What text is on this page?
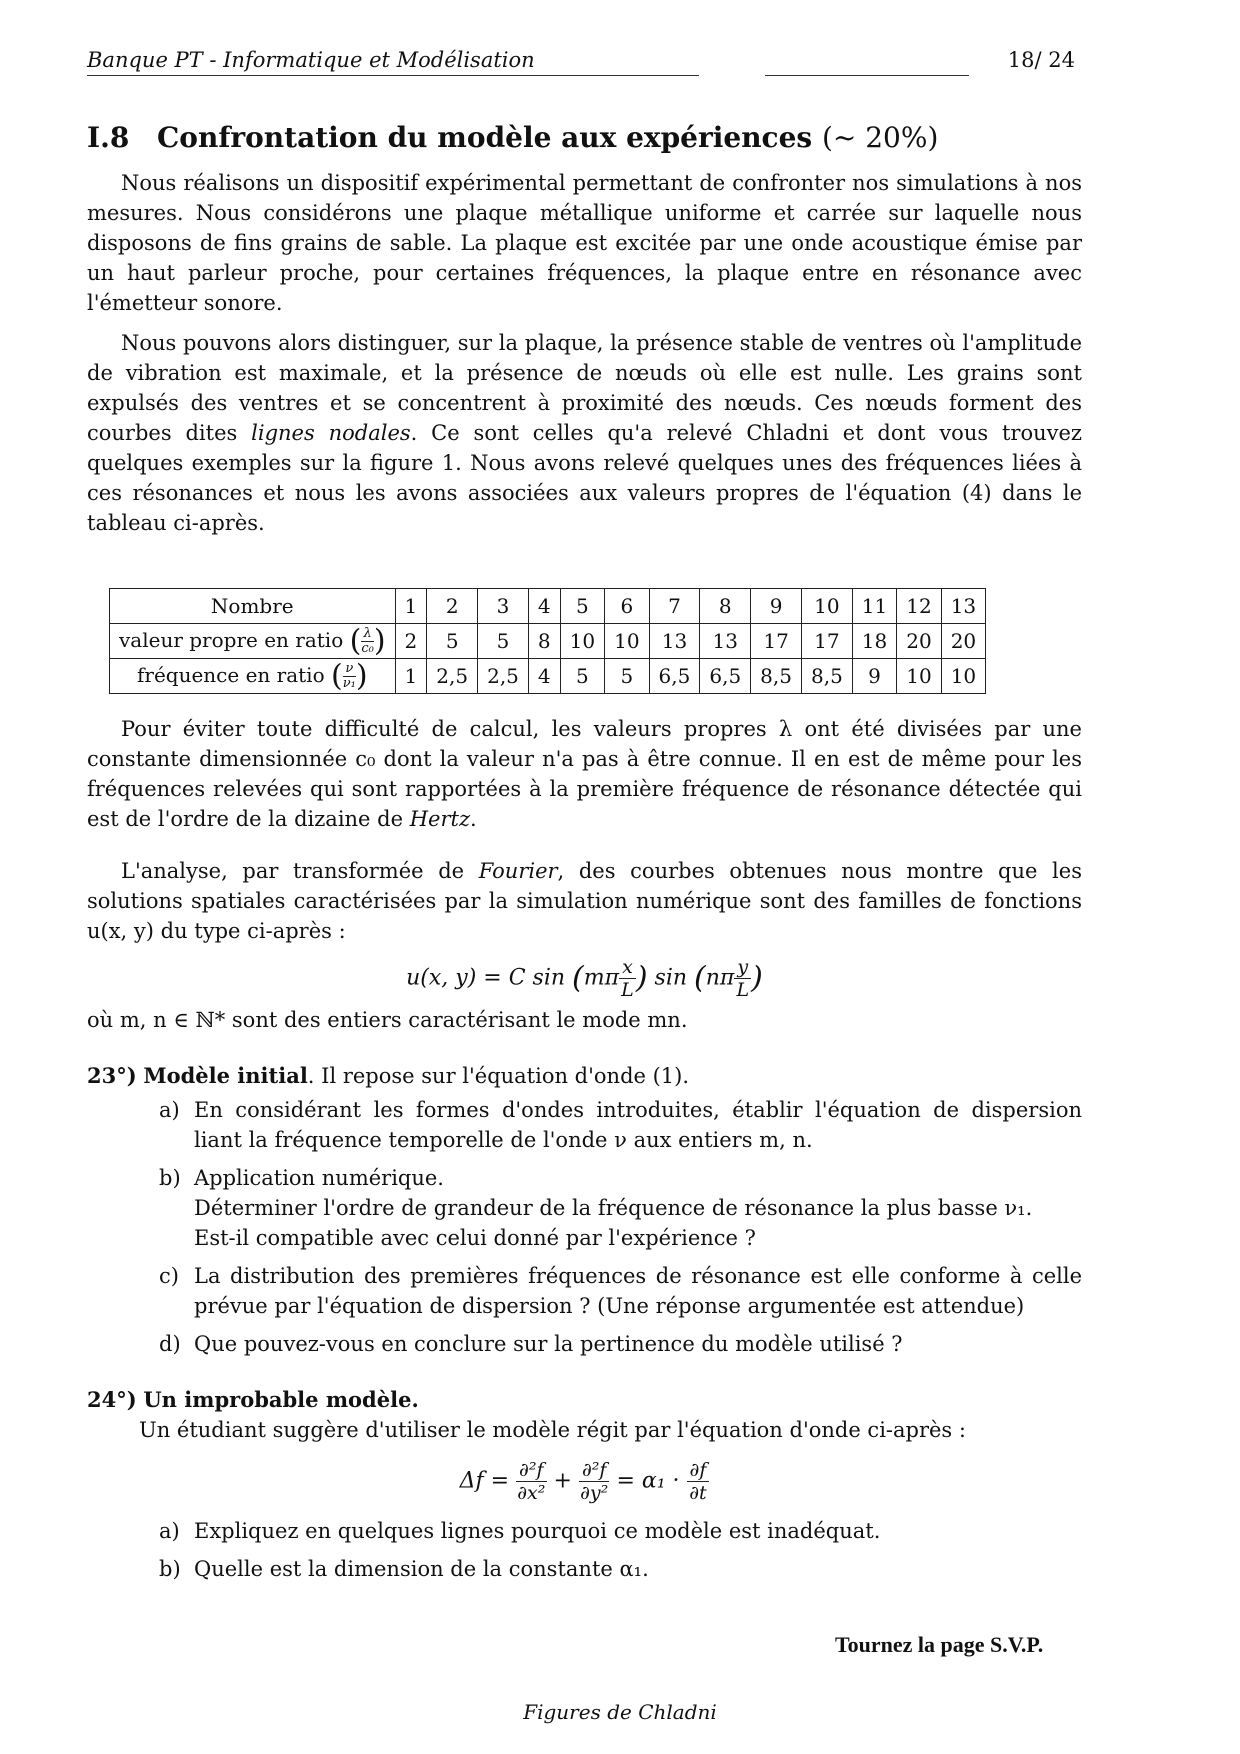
Banque PT - Informatique et Modélisation	18/ 24
I.8 Confrontation du modèle aux expériences (~ 20%)

Nous réalisons un dispositif expérimental permettant de confronter nos simulations à nos mesures. Nous considérons une plaque métallique uniforme et carrée sur laquelle nous disposons de fins grains de sable. La plaque est excitée par une onde acoustique émise par un haut parleur proche, pour certaines fréquences, la plaque entre en résonance avec l'émetteur sonore.

Nous pouvons alors distinguer, sur la plaque, la présence stable de ventres où l'amplitude de vibration est maximale, et la présence de nœuds où elle est nulle. Les grains sont expulsés des ventres et se concentrent à proximité des nœuds. Ces nœuds forment des courbes dites lignes nodales. Ce sont celles qu'a relevé Chladni et dont vous trouvez quelques exemples sur la figure 1. Nous avons relevé quelques unes des fréquences liées à ces résonances et nous les avons associées aux valeurs propres de l'équation (4) dans le tableau ci-après.

Nombre	1	2	3	4	5	6	7	8	9	10	11	12	13
valeur propre en ratio ( $\frac{\lambda}{\text{c₀}}$ )	2	5	5	8	10	10	13	13	17	17	18	20	20
fréquence en ratio ( $\frac{\nu}{\text{ν₁}}$ )	1	2,5	2,5	4	5	5	6,5	6,5	8,5	8,5	9	10	10

Pour éviter toute difficulté de calcul, les valeurs propres λ ont été divisées par une constante dimensionnée c₀ dont la valeur n'a pas à être connue. Il en est de même pour les fréquences relevées qui sont rapportées à la première fréquence de résonance détectée qui est de l'ordre de la dizaine de Hertz.

L'analyse, par transformée de Fourier, des courbes obtenues nous montre que les solutions spatiales caractérisées par la simulation numérique sont des familles de fonctions u(x, y) du type ci-après :

u(x, y) = C $\sin (m\pi \frac{x}{L}$ ) $\sin (n\pi \frac{y}{L}$ )

où m, n ∈ ℕ* sont des entiers caractérisant le mode mn.

23°) Modèle initial. Il repose sur l'équation d'onde (1).
a) En considérant les formes d'ondes introduites, établir l'équation de dispersion liant la fréquence temporelle de l'onde ν aux entiers m, n.
b) Application numérique.
Déterminer l'ordre de grandeur de la fréquence de résonance la plus basse ν₁.
Est-il compatible avec celui donné par l'expérience ?
c) La distribution des premières fréquences de résonance est elle conforme à celle prévue par l'équation de dispersion ? (Une réponse argumentée est attendue)
d) Que pouvez-vous en conclure sur la pertinence du modèle utilisé ?
24°) Un improbable modèle.
Un étudiant suggère d'utiliser le modèle régit par l'équation d'onde ci-après :
$\Delta f = \frac{\text{∂²f}}{\text{∂x²}} + \frac{\text{∂²f}}{\text{∂y²}} = \alpha_1 \cdot \frac{\partial f}{\partial t}$
a) Expliquez en quelques lignes pourquoi ce modèle est inadéquat.
b) Quelle est la dimension de la constante α₁.
Tournez la page S.V.P.
Figures de Chladni
